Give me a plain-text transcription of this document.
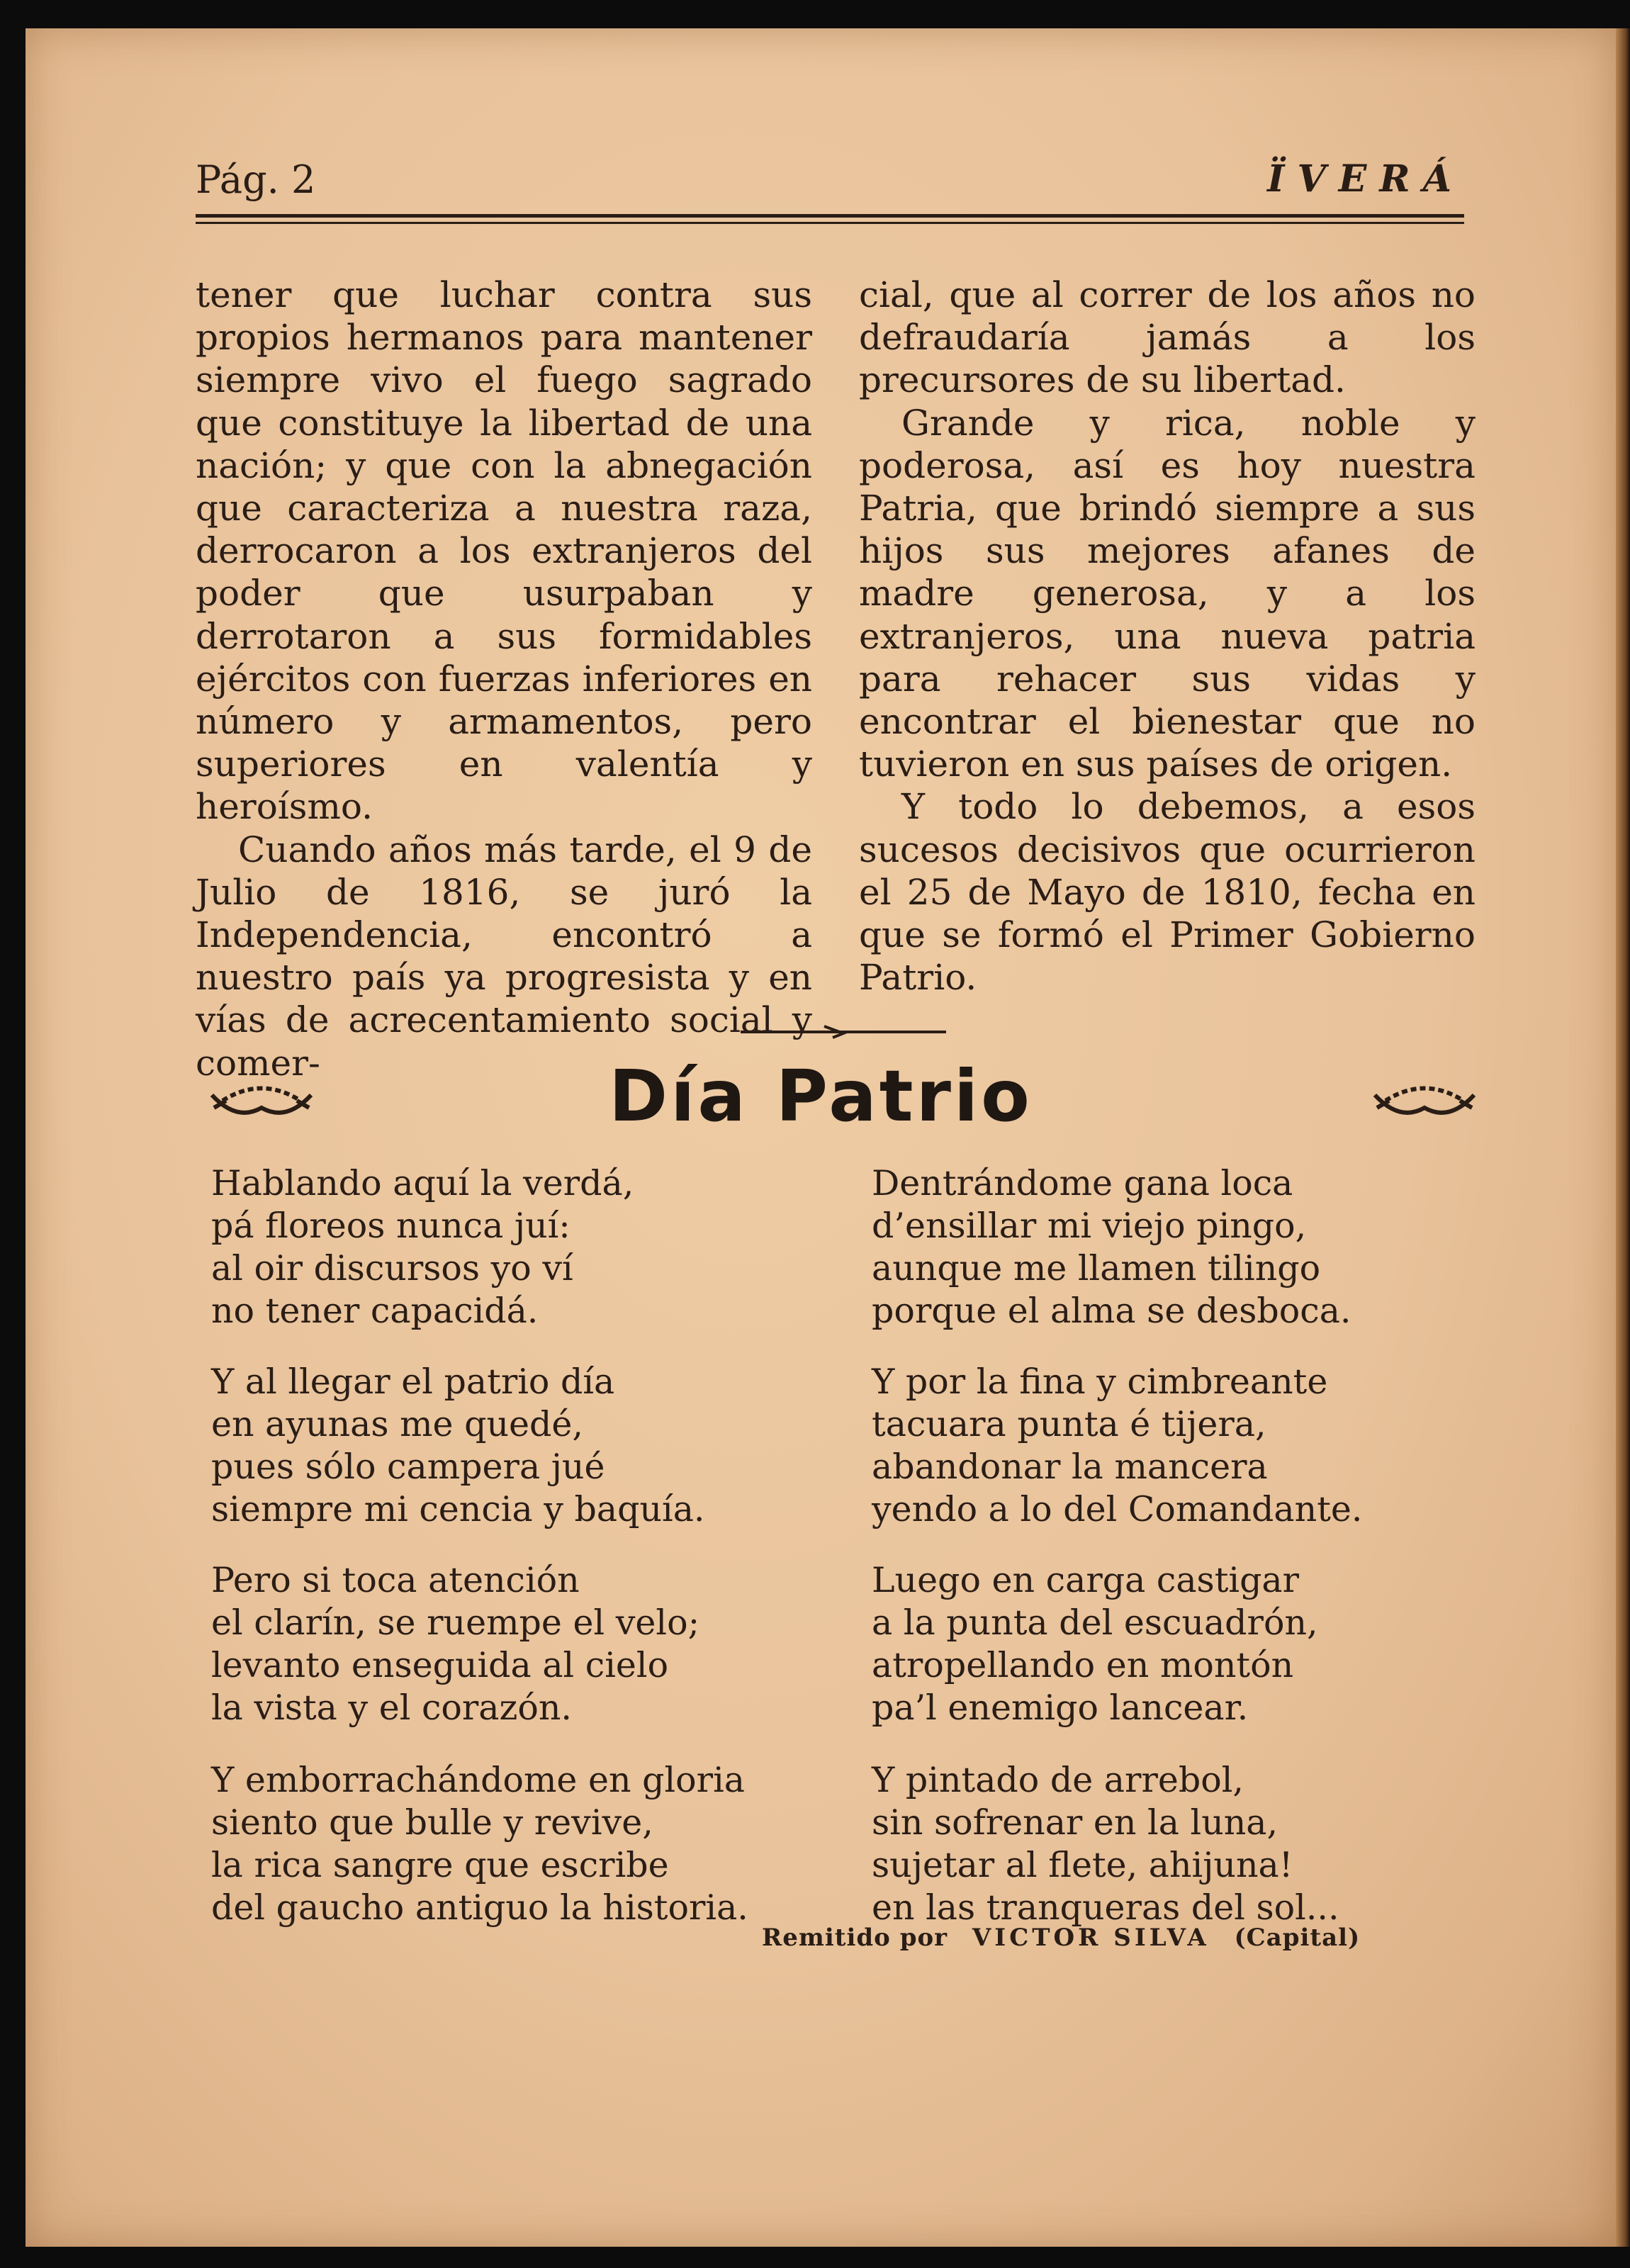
Pág. 2	ÏVERÁ

tener que luchar contra sus propios hermanos para mantener siempre vivo el fuego sagrado que constituye la libertad de una nación; y que con la abnegación que caracteriza a nuestra raza, derrocaron a los extranjeros del poder que usurpaban y derrotaron a sus formidables ejércitos con fuerzas inferiores en número y armamentos, pero superiores en valentía y heroísmo.

Cuando años más tarde, el 9 de Julio de 1816, se juró la Independencia, encontró a nuestro país ya progresista y en vías de acrecentamiento social y comer-

cial, que al correr de los años no defraudaría jamás a los precursores de su libertad.

Grande y rica, noble y poderosa, así es hoy nuestra Patria, que brindó siempre a sus hijos sus mejores afanes de madre generosa, y a los extranjeros, una nueva patria para rehacer sus vidas y encontrar el bienestar que no tuvieron en sus países de origen.

Y todo lo debemos, a esos sucesos decisivos que ocurrieron el 25 de Mayo de 1810, fecha en que se formó el Primer Gobierno Patrio.

Día Patrio
Hablando aquí la verdá,
pá floreos nunca juí:
al oir discursos yo ví
no tener capacidá.
Y al llegar el patrio día
en ayunas me quedé,
pues sólo campera jué
siempre mi cencia y baquía.
Pero si toca atención
el clarín, se ruempe el velo;
levanto enseguida al cielo
la vista y el corazón.
Y emborrachándome en gloria
siento que bulle y revive,
la rica sangre que escribe
del gaucho antiguo la historia.
Dentrándome gana loca
d’ensillar mi viejo pingo,
aunque me llamen tilingo
porque el alma se desboca.
Y por la fina y cimbreante
tacuara punta é tijera,
abandonar la mancera
yendo a lo del Comandante.
Luego en carga castigar
a la punta del escuadrón,
atropellando en montón
pa’l enemigo lancear.
Y pintado de arrebol,
sin sofrenar en la luna,
sujetar al flete, ahijuna!
en las tranqueras del sol...
Remitido por VICTOR SILVA (Capital)
